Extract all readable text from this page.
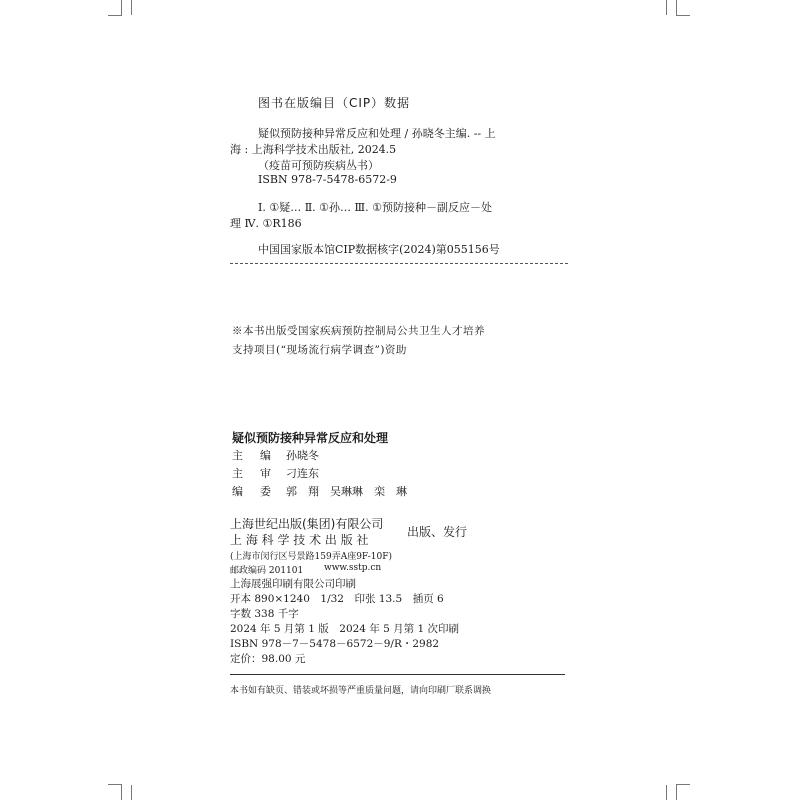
图书在版编目（CIP）数据
疑似预防接种异常反应和处理 / 孙晓冬主编. -- 上
海 : 上海科学技术出版社, 2024.5
（疫苗可预防疾病丛书）
ISBN 978-7-5478-6572-9
Ⅰ. ①疑… Ⅱ. ①孙… Ⅲ. ①预防接种－副反应－处
理 Ⅳ. ①R186
中国国家版本馆CIP数据核字(2024)第055156号
※本书出版受国家疾病预防控制局公共卫生人才培养
支持项目(“现场流行病学调查”)资助
疑似预防接种异常反应和处理
主　编 孙晓冬
主　审 刁连东
编　委 郭　翔　吴琳琳　栾　琳
上海世纪出版(集团)有限公司
上 海 科 学 技 术 出 版 社
出版、发行
(上海市闵行区号景路159弄A座9F-10F)
邮政编码 201101 www.sstp.cn
上海展强印刷有限公司印刷
开本 890×1240　1/32　印张 13.5　插页 6
字数 338 千字
2024 年 5 月第 1 版　2024 年 5 月第 1 次印刷
ISBN 978－7－5478－6572－9/R・2982
定价：98.00 元
本书如有缺页、错装或坏损等严重质量问题，请向印刷厂联系调换
